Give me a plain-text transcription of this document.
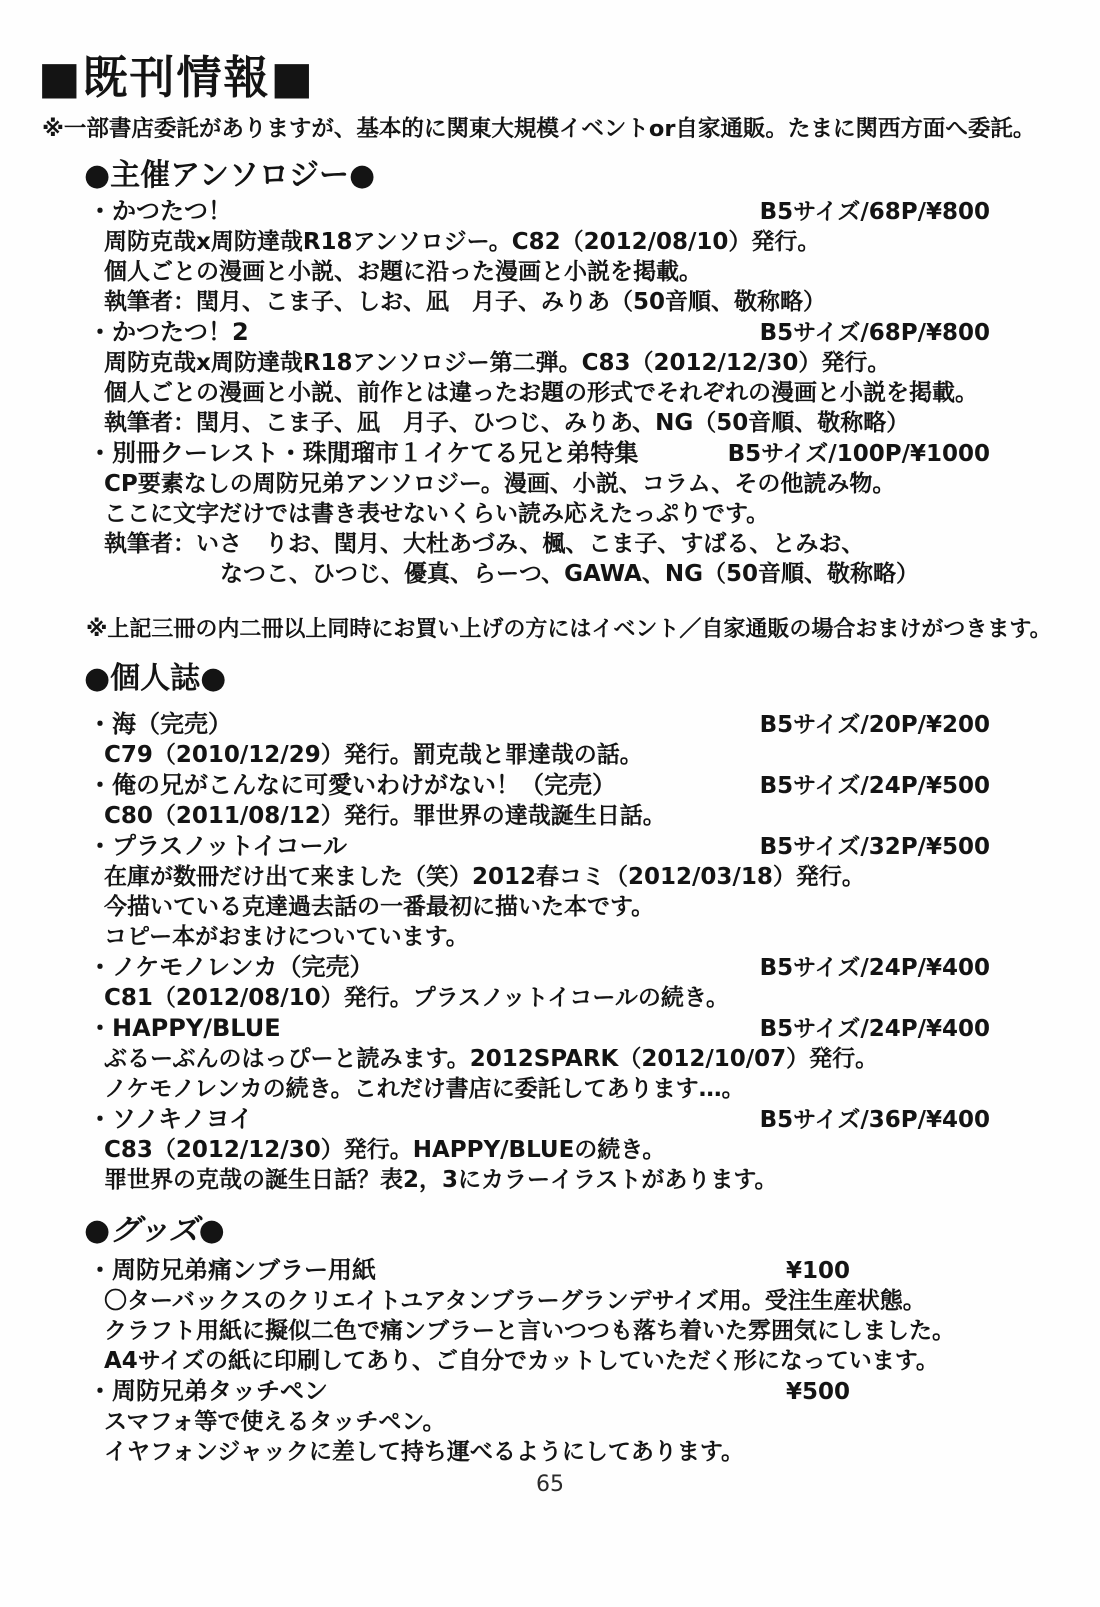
■既刊情報■

※一部書店委託がありますが、基本的に関東大規模イベントor自家通販。たまに関西方面へ委託。

●主催アンソロジー●
・かつたつ！	B5サイズ/68P/¥800

周防克哉x周防達哉R18アンソロジー。C82（2012/08/10）発行。

個人ごとの漫画と小説、お題に沿った漫画と小説を掲載。

執筆者：閏月、こま子、しお、凪　月子、みりあ（50音順、敬称略）

・かつたつ！2	B5サイズ/68P/¥800

周防克哉x周防達哉R18アンソロジー第二弾。C83（2012/12/30）発行。

個人ごとの漫画と小説、前作とは違ったお題の形式でそれぞれの漫画と小説を掲載。

執筆者：閏月、こま子、凪　月子、ひつじ、みりあ、NG（50音順、敬称略）

・別冊クーレスト・珠閒瑠市１イケてる兄と弟特集	B5サイズ/100P/¥1000

CP要素なしの周防兄弟アンソロジー。漫画、小説、コラム、その他読み物。

ここに文字だけでは書き表せないくらい読み応えたっぷりです。

執筆者：いさ　りお、閏月、大杜あづみ、楓、こま子、すばる、とみお、

なつこ、ひつじ、優真、らーつ、GAWA、NG（50音順、敬称略）

※上記三冊の内二冊以上同時にお買い上げの方にはイベント／自家通販の場合おまけがつきます。

●個人誌●
・海（完売）	B5サイズ/20P/¥200

C79（2010/12/29）発行。罰克哉と罪達哉の話。

・俺の兄がこんなに可愛いわけがない！（完売）	B5サイズ/24P/¥500

C80（2011/08/12）発行。罪世界の達哉誕生日話。

・プラスノットイコール	B5サイズ/32P/¥500

在庫が数冊だけ出て来ました（笑）2012春コミ（2012/03/18）発行。

今描いている克達過去話の一番最初に描いた本です。

コピー本がおまけについています。

・ノケモノレンカ（完売）	B5サイズ/24P/¥400

C81（2012/08/10）発行。プラスノットイコールの続き。

・HAPPY/BLUE	B5サイズ/24P/¥400

ぶるーぶんのはっぴーと読みます。2012SPARK（2012/10/07）発行。

ノケモノレンカの続き。これだけ書店に委託してあります…。

・ソノキノヨイ	B5サイズ/36P/¥400

C83（2012/12/30）発行。HAPPY/BLUEの続き。

罪世界の克哉の誕生日話？表2，3にカラーイラストがあります。

●グッズ●
・周防兄弟痛ンブラー用紙	¥100

〇ターバックスのクリエイトユアタンブラーグランデサイズ用。受注生産状態。

クラフト用紙に擬似二色で痛ンブラーと言いつつも落ち着いた雰囲気にしました。

A4サイズの紙に印刷してあり、ご自分でカットしていただく形になっています。

・周防兄弟タッチペン	¥500

スマフォ等で使えるタッチペン。

イヤフォンジャックに差して持ち運べるようにしてあります。

65
